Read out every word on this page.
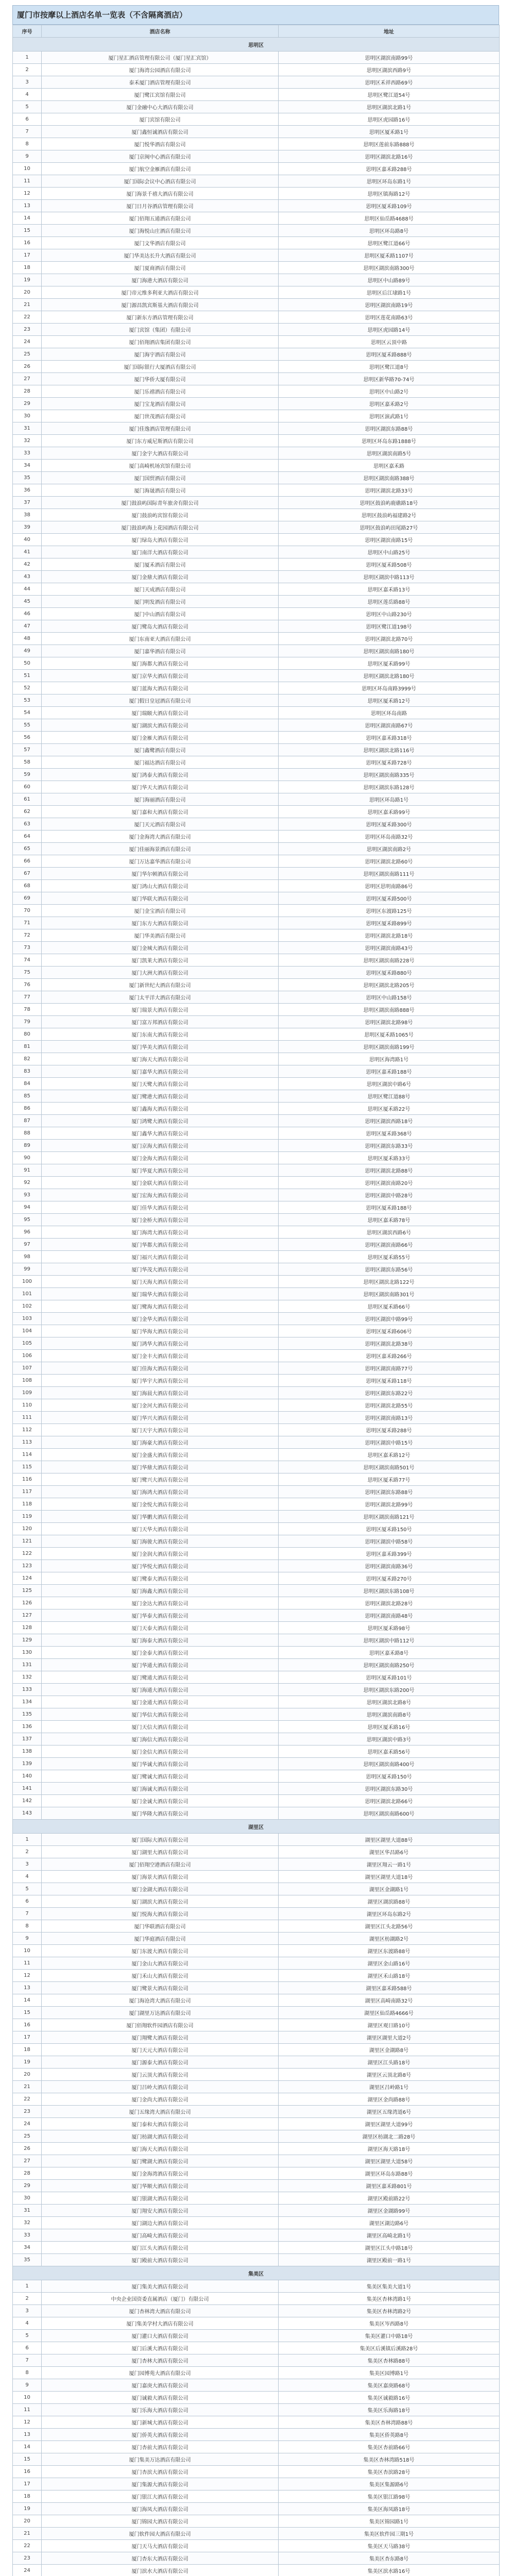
厦门市按摩以上酒店名单一览表（不含隔离酒店）
序号	酒店名称	地址
思明区		
1	厦门星汇酒店管理有限公司（厦门星汇宾馆）	思明区湖滨南路99号
2	厦门海湾公园酒店有限公司	思明区湖滨西路9号
3	泰禾厦门酒店管理有限公司	思明区禾祥西路69号
4	厦门鹭江宾馆有限公司	思明区鹭江道54号
5	厦门金融中心大酒店有限公司	思明区湖滨北路1号
6	厦门宾馆有限公司	思明区虎园路16号
7	厦门鑫恒诚酒店有限公司	思明区厦禾路1号
8	厦门悦华酒店有限公司	思明区莲前东路888号
9	厦门京闽中心酒店有限公司	思明区湖滨北路16号
10	厦门航空金雁酒店有限公司	思明区嘉禾路288号
11	厦门国际会议中心酒店有限公司	思明区环岛东路1号
12	厦门海景千禧大酒店有限公司	思明区镇海路12号
13	厦门日月谷酒店管理有限公司	思明区厦禾路109号
14	厦门佰翔五通酒店有限公司	思明区仙岳路4688号
15	厦门海悦山庄酒店有限公司	思明区环岛路8号
16	厦门文华酒店有限公司	思明区鹭江道66号
17	厦门华美达长升大酒店有限公司	思明区厦禾路1107号
18	厦门夏商酒店有限公司	思明区湖滨南路300号
19	厦门海港大酒店有限公司	思明区中山路89号
20	厦门帝元维多利亚大酒店有限公司	思明区后江埭路1号
21	厦门源昌凯宾斯基大酒店有限公司	思明区湖滨南路19号
22	厦门新东方酒店管理有限公司	思明区莲花南路63号
23	厦门宾馆（集团）有限公司	思明区虎园路14号
24	厦门佰翔酒店集团有限公司	思明区云顶中路
25	厦门海宇酒店有限公司	思明区厦禾路888号
26	厦门国际银行大厦酒店有限公司	思明区鹭江道8号
27	厦门华侨大厦有限公司	思明区新华路70-74号
28	厦门乐禧酒店有限公司	思明区中山路2号
29	厦门宝龙酒店有限公司	思明区嘉禾路2号
30	厦门世茂酒店有限公司	思明区演武路1号
31	厦门佳逸酒店管理有限公司	思明区湖滨东路88号
32	厦门东方威尼斯酒店有限公司	思明区环岛东路1888号
33	厦门金宇大酒店有限公司	思明区湖滨南路5号
34	厦门高崎机场宾馆有限公司	思明区嘉禾路
35	厦门国贸酒店有限公司	思明区湖滨南路388号
36	厦门海晟酒店有限公司	思明区湖滨北路33号
37	厦门鼓浪屿国际青年旅舍有限公司	思明区鼓浪屿鹿礁路18号
38	厦门鼓浪屿宾馆有限公司	思明区鼓浪屿福建路2号
39	厦门鼓浪屿海上花园酒店有限公司	思明区鼓浪屿田尾路27号
40	厦门绿岛大酒店有限公司	思明区湖滨南路15号
41	厦门南洋大酒店有限公司	思明区中山路25号
42	厦门厦禾酒店有限公司	思明区厦禾路508号
43	厦门金鼎大酒店有限公司	思明区湖滨中路113号
44	厦门天成酒店有限公司	思明区嘉禾路13号
45	厦门明发酒店有限公司	思明区莲岳路88号
46	厦门中山酒店有限公司	思明区中山路230号
47	厦门鹭岛大酒店有限公司	思明区鹭江道198号
48	厦门东南亚大酒店有限公司	思明区湖滨北路70号
49	厦门嘉华酒店有限公司	思明区湖滨南路180号
50	厦门海都大酒店有限公司	思明区厦禾路99号
51	厦门京华大酒店有限公司	思明区湖滨北路180号
52	厦门蓝海大酒店有限公司	思明区环岛南路3999号
53	厦门假日皇冠酒店有限公司	思明区厦禾路12号
54	厦门瑞颐大酒店有限公司	思明区环岛南路
55	厦门湖滨大酒店有限公司	思明区湖滨南路67号
56	厦门金雁大酒店有限公司	思明区嘉禾路318号
57	厦门鑫鹭酒店有限公司	思明区湖滨北路116号
58	厦门福达酒店有限公司	思明区厦禾路728号
59	厦门鸿泰大酒店有限公司	思明区湖滨南路335号
60	厦门华天大酒店有限公司	思明区湖滨东路128号
61	厦门海丽酒店有限公司	思明区环岛路1号
62	厦门嘉和大酒店有限公司	思明区嘉禾路99号
63	厦门天元酒店有限公司	思明区厦禾路300号
64	厦门金海湾大酒店有限公司	思明区环岛南路32号
65	厦门佳丽海景酒店有限公司	思明区湖滨南路2号
66	厦门万达嘉华酒店有限公司	思明区湖滨北路60号
67	厦门华尔顿酒店有限公司	思明区湖滨南路111号
68	厦门鸿山大酒店有限公司	思明区思明南路86号
69	厦门华联大酒店有限公司	思明区厦禾路500号
70	厦门金宝酒店有限公司	思明区东渡路125号
71	厦门东方大酒店有限公司	思明区厦禾路899号
72	厦门华美酒店有限公司	思明区湖滨北路18号
73	厦门金城大酒店有限公司	思明区湖滨南路43号
74	厦门凯莱大酒店有限公司	思明区湖滨南路228号
75	厦门大洲大酒店有限公司	思明区厦禾路880号
76	厦门新世纪大酒店有限公司	思明区湖滨北路205号
77	厦门太平洋大酒店有限公司	思明区中山路158号
78	厦门瑞景大酒店有限公司	思明区湖滨南路888号
79	厦门富万邦酒店有限公司	思明区湖滨北路98号
80	厦门东南大酒店有限公司	思明区厦禾路1065号
81	厦门华美大酒店有限公司	思明区湖滨南路199号
82	厦门海天大酒店有限公司	思明区海湾路1号
83	厦门嘉华大酒店有限公司	思明区嘉禾路188号
84	厦门天鹭大酒店有限公司	思明区湖滨中路6号
85	厦门鹭港大酒店有限公司	思明区鹭江道88号
86	厦门鑫海大酒店有限公司	思明区厦禾路22号
87	厦门鸿鹭大酒店有限公司	思明区湖滨西路18号
88	厦门鑫华大酒店有限公司	思明区厦禾路368号
89	厦门京海大酒店有限公司	思明区湖滨东路33号
90	厦门金海大酒店有限公司	思明区厦禾路33号
91	厦门华夏大酒店有限公司	思明区湖滨北路88号
92	厦门金联大酒店有限公司	思明区湖滨南路20号
93	厦门宏海大酒店有限公司	思明区湖滨中路28号
94	厦门佳华大酒店有限公司	思明区厦禾路188号
95	厦门金桥大酒店有限公司	思明区嘉禾路78号
96	厦门海湾大酒店有限公司	思明区湖滨西路6号
97	厦门华都大酒店有限公司	思明区湖滨南路66号
98	厦门福兴大酒店有限公司	思明区厦禾路55号
99	厦门华茂大酒店有限公司	思明区湖滨东路56号
100	厦门天海大酒店有限公司	思明区湖滨北路122号
101	厦门瑞华大酒店有限公司	思明区湖滨南路301号
102	厦门鹭海大酒店有限公司	思明区厦禾路66号
103	厦门金华大酒店有限公司	思明区湖滨中路99号
104	厦门华海大酒店有限公司	思明区厦禾路606号
105	厦门鸿华大酒店有限公司	思明区湖滨北路38号
106	厦门金丰大酒店有限公司	思明区嘉禾路266号
107	厦门佳海大酒店有限公司	思明区湖滨南路77号
108	厦门华宇大酒店有限公司	思明区厦禾路118号
109	厦门海晨大酒店有限公司	思明区湖滨东路22号
110	厦门金河大酒店有限公司	思明区湖滨北路55号
111	厦门华兴大酒店有限公司	思明区湖滨南路13号
112	厦门天宇大酒店有限公司	思明区厦禾路288号
113	厦门海豪大酒店有限公司	思明区湖滨中路15号
114	厦门金盛大酒店有限公司	思明区嘉禾路12号
115	厦门华鼎大酒店有限公司	思明区湖滨南路501号
116	厦门鹭兴大酒店有限公司	思明区厦禾路77号
117	厦门海鸿大酒店有限公司	思明区湖滨东路88号
118	厦门金悦大酒店有限公司	思明区湖滨北路99号
119	厦门华鹏大酒店有限公司	思明区湖滨南路121号
120	厦门天华大酒店有限公司	思明区厦禾路150号
121	厦门海骏大酒店有限公司	思明区湖滨中路58号
122	厦门金润大酒店有限公司	思明区嘉禾路399号
123	厦门华悦大酒店有限公司	思明区湖滨南路36号
124	厦门鹭泰大酒店有限公司	思明区厦禾路270号
125	厦门海鑫大酒店有限公司	思明区湖滨东路108号
126	厦门金达大酒店有限公司	思明区湖滨北路28号
127	厦门华泰大酒店有限公司	思明区湖滨南路48号
128	厦门天泰大酒店有限公司	思明区厦禾路98号
129	厦门海泰大酒店有限公司	思明区湖滨中路112号
130	厦门金泰大酒店有限公司	思明区嘉禾路8号
131	厦门华通大酒店有限公司	思明区湖滨南路250号
132	厦门鹭通大酒店有限公司	思明区厦禾路101号
133	厦门海通大酒店有限公司	思明区湖滨东路200号
134	厦门金通大酒店有限公司	思明区湖滨北路8号
135	厦门华信大酒店有限公司	思明区湖滨南路8号
136	厦门天信大酒店有限公司	思明区厦禾路16号
137	厦门海信大酒店有限公司	思明区湖滨中路3号
138	厦门金信大酒店有限公司	思明区嘉禾路56号
139	厦门华诚大酒店有限公司	思明区湖滨南路400号
140	厦门鹭诚大酒店有限公司	思明区厦禾路150号
141	厦门海诚大酒店有限公司	思明区湖滨东路30号
142	厦门金诚大酒店有限公司	思明区湖滨北路66号
143	厦门华隆大酒店有限公司	思明区湖滨南路600号
湖里区		
1	厦门国际大酒店有限公司	湖里区湖里大道88号
2	厦门湖里大酒店有限公司	湖里区华昌路6号
3	厦门佰翔空港酒店有限公司	湖里区翔云一路1号
4	厦门海景大酒店有限公司	湖里区湖里大道18号
5	厦门金湖大酒店有限公司	湖里区金湖路1号
6	厦门湖滨大酒店有限公司	湖里区湖滨路88号
7	厦门悦海大酒店有限公司	湖里区环岛东路2号
8	厦门华联酒店有限公司	湖里区江头北路56号
9	厦门华庭酒店有限公司	湖里区枋湖路2号
10	厦门东渡大酒店有限公司	湖里区东渡路88号
11	厦门金山大酒店有限公司	湖里区金山路16号
12	厦门禾山大酒店有限公司	湖里区禾山路18号
13	厦门鹭景大酒店有限公司	湖里区嘉禾路588号
14	厦门海沧湾大酒店有限公司	湖里区高崎南路32号
15	厦门湖里万达酒店有限公司	湖里区仙岳路4666号
16	厦门佰翔软件园酒店有限公司	湖里区观日路10号
17	厦门翔鹭大酒店有限公司	湖里区湖里大道2号
18	厦门天元大酒店有限公司	湖里区金湖路8号
19	厦门源泰大酒店有限公司	湖里区江头路18号
20	厦门云顶大酒店有限公司	湖里区云顶北路8号
21	厦门吕岭大酒店有限公司	湖里区吕岭路1号
22	厦门金尚大酒店有限公司	湖里区金尚路88号
23	厦门五缘湾大酒店有限公司	湖里区五缘湾道6号
24	厦门泰和大酒店有限公司	湖里区湖里大道99号
25	厦门枋湖大酒店有限公司	湖里区枋湖北二路28号
26	厦门海天大酒店有限公司	湖里区海天路18号
27	厦门鹭湖大酒店有限公司	湖里区湖里大道58号
28	厦门金海湾酒店有限公司	湖里区环岛东路88号
29	厦门华顺大酒店有限公司	湖里区嘉禾路801号
30	厦门银湖大酒店有限公司	湖里区殿前路22号
31	厦门翔安大酒店有限公司	湖里区金湖路99号
32	厦门湖边大酒店有限公司	湖里区湖边路6号
33	厦门高崎大酒店有限公司	湖里区高崎北路1号
34	厦门江头大酒店有限公司	湖里区江头中路18号
35	厦门殿前大酒店有限公司	湖里区殿前一路1号
集美区		
1	厦门集美大酒店有限公司	集美区集美大道1号
2	中央企业国资委直属酒店（厦门）有限公司	集美区杏林湾路1号
3	厦门杏林湾大酒店有限公司	集美区杏林湾路2号
4	厦门集美学村大酒店有限公司	集美区岑西路8号
5	厦门灌口大酒店有限公司	集美区灌口中路18号
6	厦门后溪大酒店有限公司	集美区后溪镇后溪路28号
7	厦门杏林大酒店有限公司	集美区杏林路88号
8	厦门园博苑大酒店有限公司	集美区园博路1号
9	厦门嘉庚大酒店有限公司	集美区嘉庚路68号
10	厦门诚毅大酒店有限公司	集美区诚毅路16号
11	厦门乐海大酒店有限公司	集美区乐海路18号
12	厦门新城大酒店有限公司	集美区杏林湾路88号
13	厦门侨英大酒店有限公司	集美区侨英路8号
14	厦门杏前大酒店有限公司	集美区杏前路66号
15	厦门集美万达酒店有限公司	集美区杏林湾路518号
16	厦门杏滨大酒店有限公司	集美区杏滨路28号
17	厦门集源大酒店有限公司	集美区集源路6号
18	厦门银江大酒店有限公司	集美区银江路98号
19	厦门海凤大酒店有限公司	集美区海凤路18号
20	厦门锦园大酒店有限公司	集美区锦园路1号
21	厦门软件园大酒店有限公司	集美区软件园三期1号
22	厦门天马大酒店有限公司	集美区天马路38号
23	厦门杏东大酒店有限公司	集美区杏东路8号
24	厦门滨水大酒店有限公司	集美区滨水路16号
